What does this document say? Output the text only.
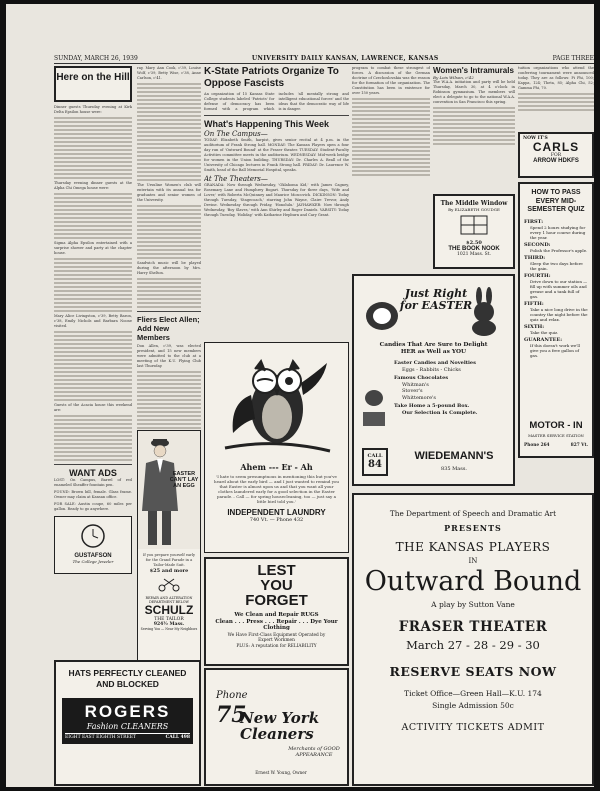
SUNDAY, MARCH 26, 1939	UNIVERSITY DAILY KANSAN, LAWRENCE, KANSAS	PAGE THREE
Here on the Hill

Dinner guests Thursday evening at Kirk Delta Epsilon house were:

Thursday evening dinner guests at the Alpha Chi Omega house were:

Sigma Alpha Epsilon entertained with a surprise shower and party at the chapter house.

Mary Alice Livingston, c'39, Betty Baron, c'38, Emily Nichols and Barbara Noone visited.

Guests of the Acacia house this weekend are:

WANT ADS

LOST: On Campus, Barrel of red enameled Sheaffer fountain pen.

FOUND: Brown bill, female. Glass frame. Owner may claim at Kansan office.

FOR SALE: Austin coupe, 60 miles per gallon. Ready to go anywhere.

GUSTAFSON
The College Jeweler

ray, Mary Ann Cook, c'39, Louise Wolf, c'39, Betty Wise, c'38, Anne Carlson, c'41.

The Ursuline Women's club will entertain with its annual tea for graduates and senior women of the University.

Sandwich music will be played during the afternoon by Mrs. Harry Shelton.

Fliers Elect Allen; Add New Members

Don Allen, c'39, was elected president, and 15 new members were admitted to the club at a meeting of the K.U. Flying Club last Thursday.

EASTER CAN'T LAY AN EGG

If you prepare yourself early for the Grand Parade in a Tailor-Made Suit.

$25 and more
REPAIR AND ALTERATION DEPARTMENT BELOW
SCHULZ
THE TAILOR
924½ Mass.
Serving You — Near My Neighbors
HATS PERFECTLY CLEANED AND BLOCKED
ROGERS
Fashion CLEANERS
EIGHT EAST EIGHTH STREET	CALL 498
K-State Patriots Organize To Oppose Fascists

An organization of 15 Kansas State College students labeled 'Patriots' for defense of democracy has been formed with a program which includes 'all mentally strong and intelligent educational forces' and the ideas that the democratic way of life is in danger.

What's Happening This Week
On The Campus—

TODAY: Elizabeth Smith, harpist, gives senior recital at 4 p.m. in the auditorium of Frank Strong hall. MONDAY: The Kansan Players open a four day run of 'Outward Bound' at the Fraser theater. TUESDAY: Student-Faculty Activities committee meets in the auditorium. WEDNESDAY: Mid-week bridge for women in the Union building. THURSDAY: Dr. Charles A. Beall of the University of Chicago lectures in Frank Strong hall. FRIDAY: Dr. Laurence W. Smith, head of the Ball Memorial Hospital, speaks.

At The Theaters—

GRANADA: Now through Wednesday, 'Oklahoma Kid,' with James Cagney, Rosemary Lane and Humphrey Bogart. Thursday for three days, 'Wife and Lover,' with Roberta McQuinney and Maurice Moscovich. DICKINSON: Today through Tuesday, 'Stagecoach,' starring John Wayne, Claire Trevor, Andy Devine. Wednesday through Friday, 'Honolulu.' JAYHAWKER: Now through Wednesday, 'Boy Slaves,' with Ann Shirley and Roger Daniels. VARSITY: Today through Tuesday, 'Holiday,' with Katharine Hepburn and Cary Grant.

Ahem --- Er - Ah

'I hate to seem presumptuous in mentioning this but you've heard about the early bird — and I just wanted to remind you that Easter is almost upon us and that you want all your clothes laundered early for a good selection in the Easter parade... Call — for spring housecleaning, too — just say a little bird told you.'

INDEPENDENT LAUNDRY
740 Vt. — Phone 432
LEST
YOU
FORGET
We Clean and Repair RUGS
Clean . . . Press . . . Repair . . . Dye Your Clothing
We Have First-Class Equipment Operated by Expert Workmen
PLUS: A reputation for RELIABILITY
Phone
75
New York Cleaners
Merchants of GOOD APPEARANCE
Ernest W. Young, Owner

program to combat these strongest of forces. A discussion of the German doctrine of Czechoslovakia was the reason for the formation of the organization. The Constitution has been in existence for over 150 years.

Women's Intramurals
By Lois Wilson, c'42

The W.A.A. initiation and party will be held Thursday, March 30, at 4 o'clock in Robinson gymnasium. The members will elect a delegate to go to the national W.A.A. convention in San Francisco this spring.

The Middle Window
By ELIZABETH GOUDGE
$2.50
THE BOOK NOOK
1021 Mass. St.
Just Right for EASTER
Candies That Are Sure to Delight HER as Well as YOU
Easter Candies and Novelties
Eggs - Rabbits - Chicks
Famous Chocolates
Whitman's
Stover's
Whittemore's
Take Home a 5-pound Box.
Our Selection Is Complete.
CALL
84
WIEDEMANN'S
835 Mass.

tuition organizations who attend the conferring tournament were announced today. They are as follows: Pi Phi, 100; Kappa, 124; Theta, 85; Alpha Chi, 52; Gamma Phi, 70.

NOW IT'S
CARLS
FOR
ARROW HDKFS
HOW TO PASS EVERY MID-SEMESTER QUIZ
FIRST:
Spend 2 hours studying for every 1 hour course during the year.
SECOND:
Polish the Professor's apple.
THIRD:
Sleep the two days before the gain.
FOURTH:
Drive down to our station — fill up with summer oils and grease and a tank full of gas.
FIFTH:
Take a nice long drive in the country the night before the quiz and relax.
SIXTH:
Take the quiz.
GUARANTEE:
If this doesn't work we'll give you a free gallon of gas.
MOTOR - IN
MASTER SERVICE STATION
Phone 264	827 Vt.
The Department of Speech and Dramatic Art
PRESENTS
THE KANSAS PLAYERS
IN
Outward Bound
A play by Sutton Vane
FRASER THEATER
March 27 - 28 - 29 - 30
RESERVE SEATS NOW
Ticket Office—Green Hall—K.U. 174
Single Admission 50c
ACTIVITY TICKETS ADMIT
